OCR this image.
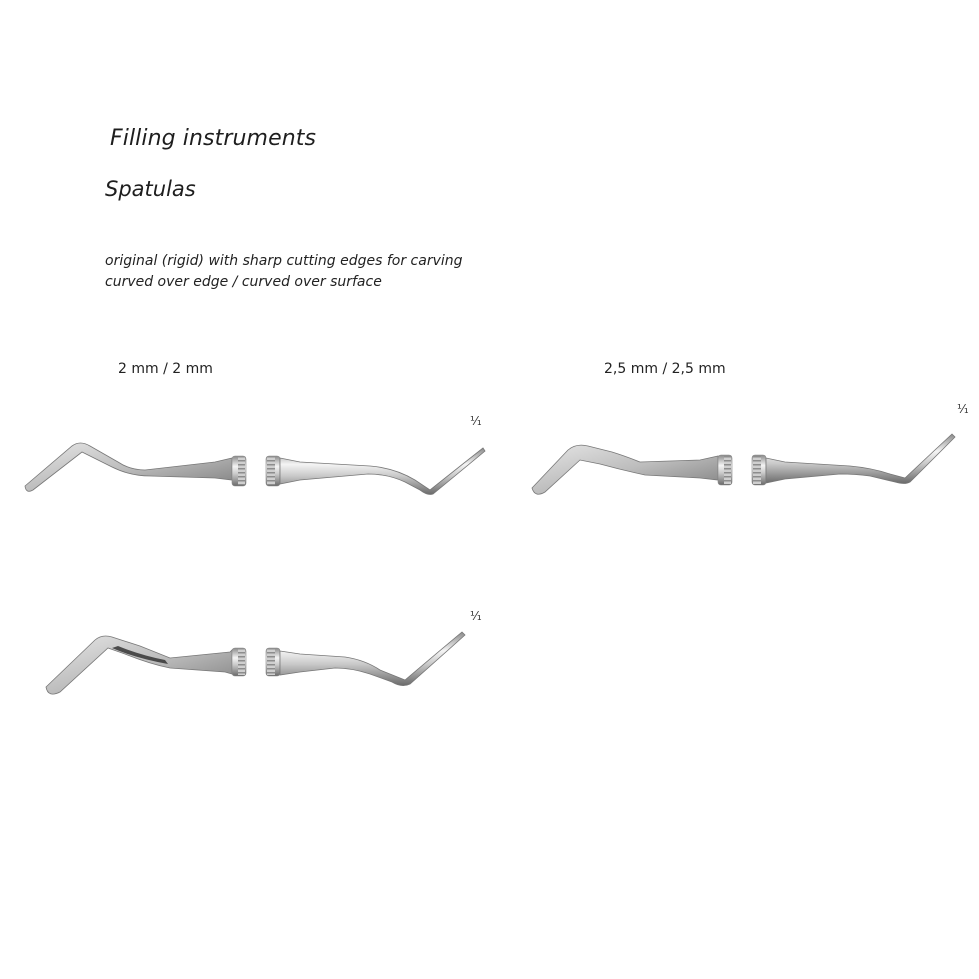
Filling instruments
Spatulas
original (rigid) with sharp cutting edges for carving
curved over edge / curved over surface
2 mm / 2 mm
⅟₁
2,5 mm / 2,5 mm
⅟₁
⅟₁
